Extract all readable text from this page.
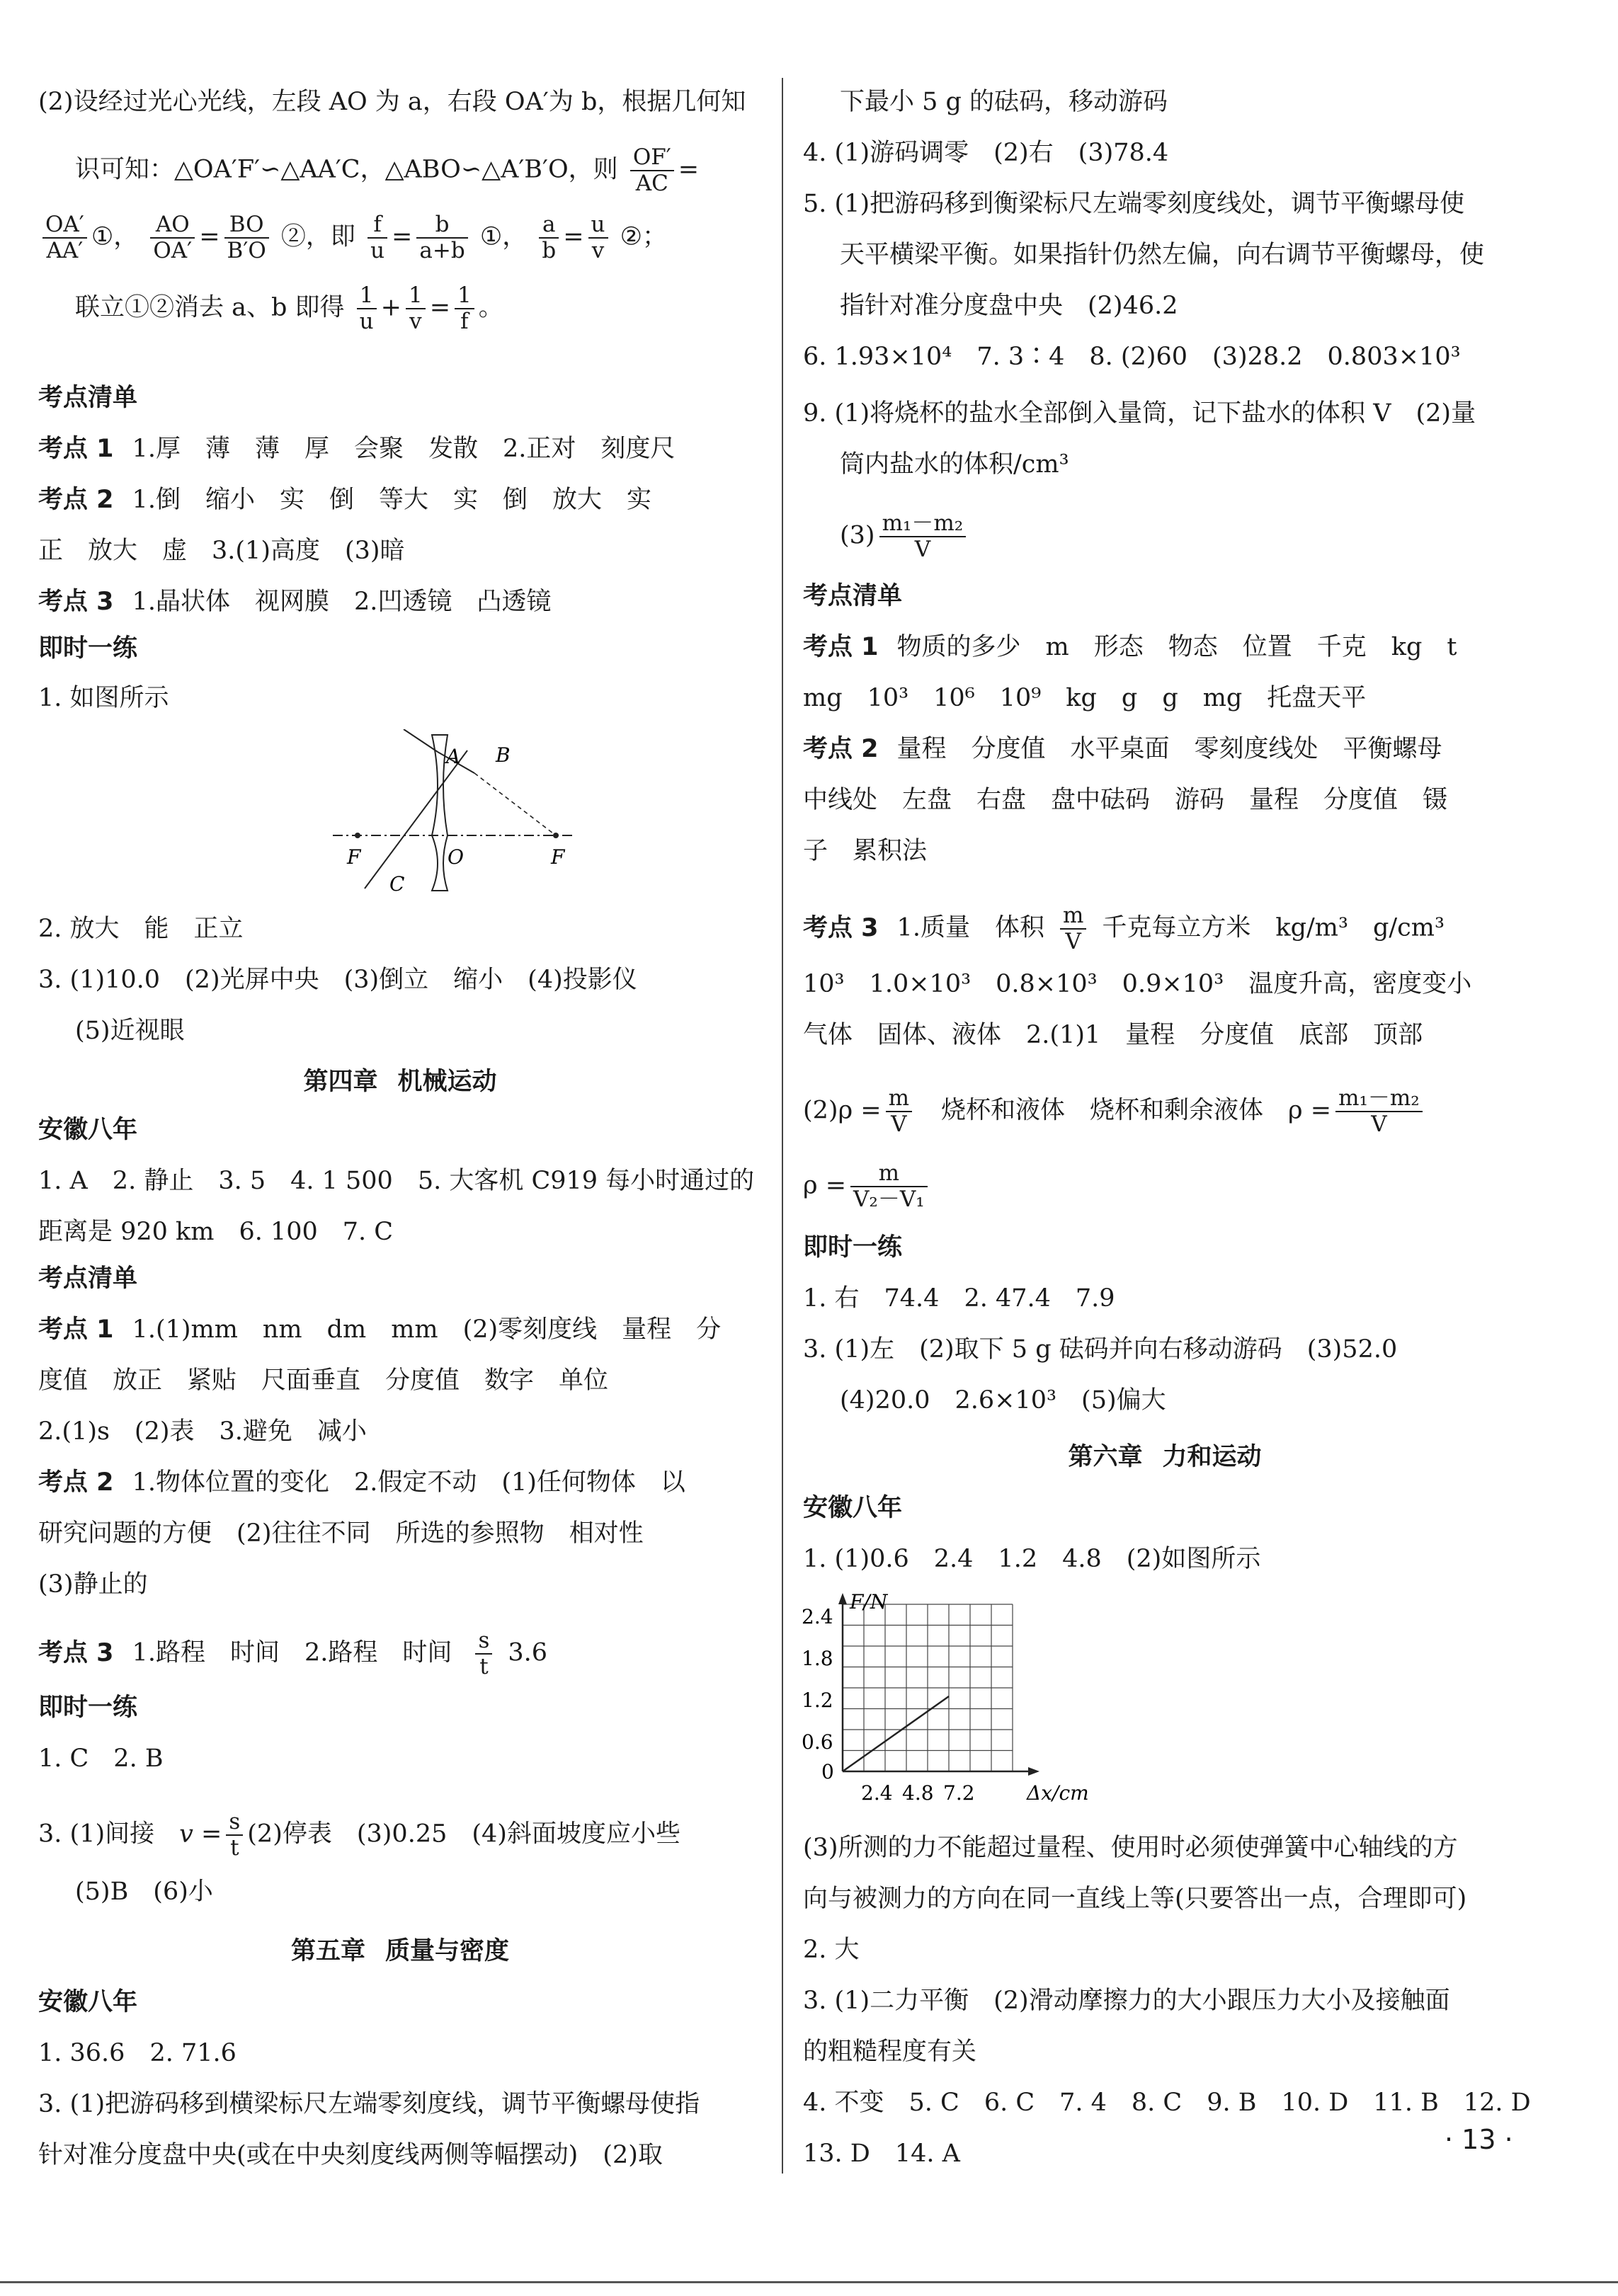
(2)设经过光心光线，左段 AO 为 a，右段 OA′为 b，根据几何知
识可知：△OA′F′∽△AA′C，△ABO∽△A′B′O，则 $\frac{OF'}{AC}$ =
$\frac{OA'}{AA'}$ ①， $\frac{AO}{OA'} = \frac{BO}{B'O}$ ②，即 $\frac{f}{u} = \frac{b}{a+b}$ ①， $\frac{a}{b} = \frac{u}{v}$ ②；
联立①②消去 a、b 即得 $\frac{1}{u} + \frac{1}{v} = \frac{1}{f}$ 。
考点清单
考点 1 1.厚　薄　薄　厚　会聚　发散　2.正对　刻度尺
考点 2 1.倒　缩小　实　倒　等大　实　倒　放大　实
正　放大　虚　3.(1)高度　(3)暗
考点 3 1.晶状体　视网膜　2.凹透镜　凸透镜
即时一练
1. 如图所示
A B
F	O	F
C
2. 放大　能　正立
3. (1)10.0　(2)光屏中央　(3)倒立　缩小　(4)投影仪
(5)近视眼
第四章 机械运动
安徽八年
1. A　2. 静止　3. 5　4. 1 500　5. 大客机 C919 每小时通过的
距离是 920 km　6. 100　7. C
考点清单
考点 1 1.(1)mm　nm　dm　mm　(2)零刻度线　量程　分
度值　放正　紧贴　尺面垂直　分度值　数字　单位
2.(1)s　(2)表　3.避免　减小
考点 2 1.物体位置的变化　2.假定不动　(1)任何物体　以
研究问题的方便　(2)往往不同　所选的参照物　相对性
(3)静止的
考点 3 1.路程　时间　2.路程　时间 $\frac{s}{t} 3.6$
即时一练
1. C　2. B
3. (1)间接　 $v = \frac{s}{t} (2)$停表　(3)0.25　(4)斜面坡度应小些
(5)B　(6)小
第五章 质量与密度
安徽八年
1. 36.6　2. 71.6
3. (1)把游码移到横梁标尺左端零刻度线，调节平衡螺母使指
针对准分度盘中央(或在中央刻度线两侧等幅摆动)　(2)取
下最小 5 g 的砝码，移动游码
4. (1)游码调零　(2)右　(3)78.4
5. (1)把游码移到衡梁标尺左端零刻度线处，调节平衡螺母使
天平横梁平衡。如果指针仍然左偏，向右调节平衡螺母，使
指针对准分度盘中央　(2)46.2
6. 1.93×10⁴　7. 3∶4　8. (2)60　(3)28.2　0.803×10³
9. (1)将烧杯的盐水全部倒入量筒，记下盐水的体积 V　(2)量
筒内盐水的体积/cm³
$(3) \frac{\text{m₁－m₂}}{V}$
考点清单
考点 1 物质的多少　m　形态　物态　位置　千克　kg　t
mg　10³　10⁶　10⁹　kg　g　g　mg　托盘天平
考点 2 量程　分度值　水平桌面　零刻度线处　平衡螺母
中线处　左盘　右盘　盘中砝码　游码　量程　分度值　镊
子　累积法
考点 3 1.质量　体积 $\frac{m}{V}$ 千克每立方米　kg/m³　g/cm³
10³　1.0×10³　0.8×10³　0.9×10³　温度升高，密度变小
气体　固体、液体　2.(1)1　量程　分度值　底部　顶部
$(2)\rho = \frac{m}{V}$
　 烧杯和液体　烧杯和剩余液体　$\rho = \frac{\text{m₁－m₂}}{V}$
$\rho = \frac{m}{\text{V₂－V₁}}$
即时一练
1. 右　74.4　2. 47.4　7.9
3. (1)左　(2)取下 5 g 砝码并向右移动游码　(3)52.0
(4)20.0　2.6×10³　(5)偏大
第六章 力和运动
安徽八年
1. (1)0.6　2.4　1.2　4.8　(2)如图所示
F/N
Δx/cm
2.4
1.8
1.2
0.6
0
2.4 4.8 7.2
(3)所测的力不能超过量程、使用时必须使弹簧中心轴线的方
向与被测力的方向在同一直线上等(只要答出一点，合理即可)
2. 大
3. (1)二力平衡　(2)滑动摩擦力的大小跟压力大小及接触面
的粗糙程度有关
4. 不变　5. C　6. C　7. 4　8. C　9. B　10. D　11. B　12. D
13. D　14. A	· 13 ·
